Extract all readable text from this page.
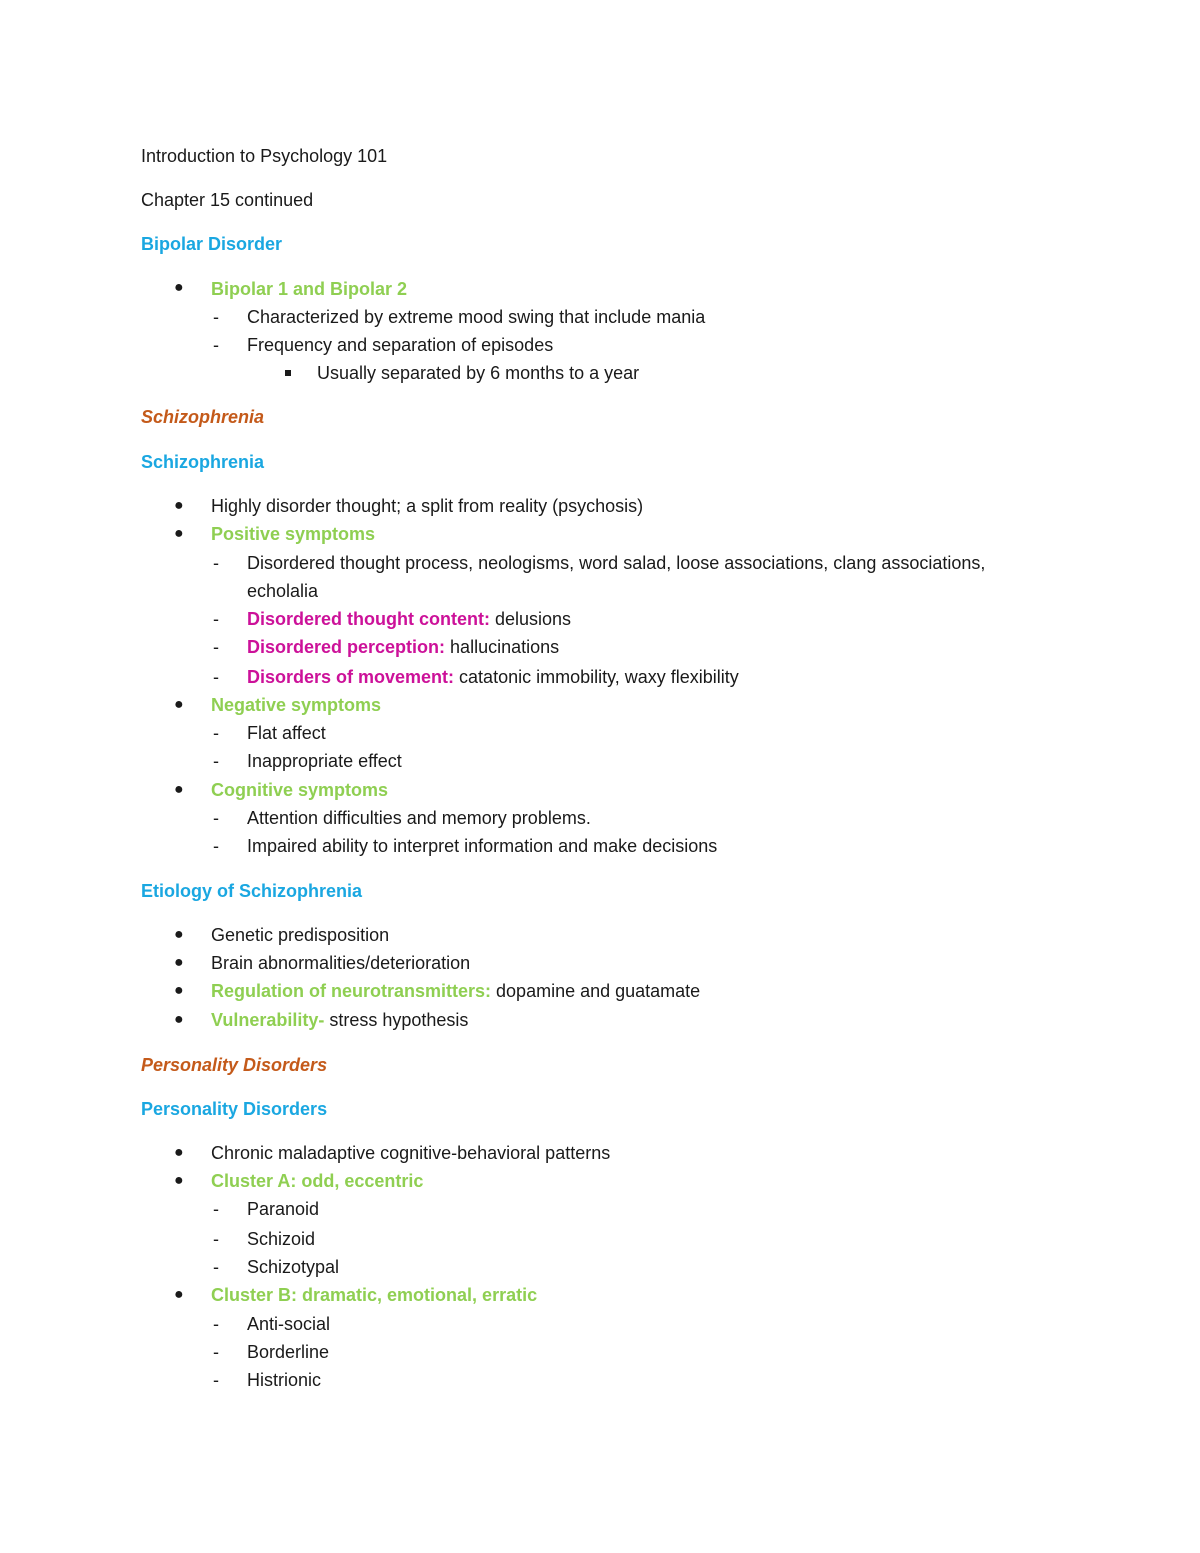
Introduction to Psychology 101
Chapter 15 continued
Bipolar Disorder
● Bipolar 1 and Bipolar 2
- Characterized by extreme mood swing that include mania
- Frequency and separation of episodes
Usually separated by 6 months to a year
Schizophrenia
Schizophrenia
● Highly disorder thought; a split from reality (psychosis)
● Positive symptoms
- Disordered thought process, neologisms, word salad, loose associations, clang associations,
echolalia
- Disordered thought content: delusions
- Disordered perception: hallucinations
- Disorders of movement: catatonic immobility, waxy flexibility
● Negative symptoms
- Flat affect
- Inappropriate effect
● Cognitive symptoms
- Attention difficulties and memory problems.
- Impaired ability to interpret information and make decisions
Etiology of Schizophrenia
● Genetic predisposition
● Brain abnormalities/deterioration
● Regulation of neurotransmitters: dopamine and guatamate
● Vulnerability- stress hypothesis
Personality Disorders
Personality Disorders
● Chronic maladaptive cognitive-behavioral patterns
● Cluster A: odd, eccentric
- Paranoid
- Schizoid
- Schizotypal
● Cluster B: dramatic, emotional, erratic
- Anti-social
- Borderline
- Histrionic
